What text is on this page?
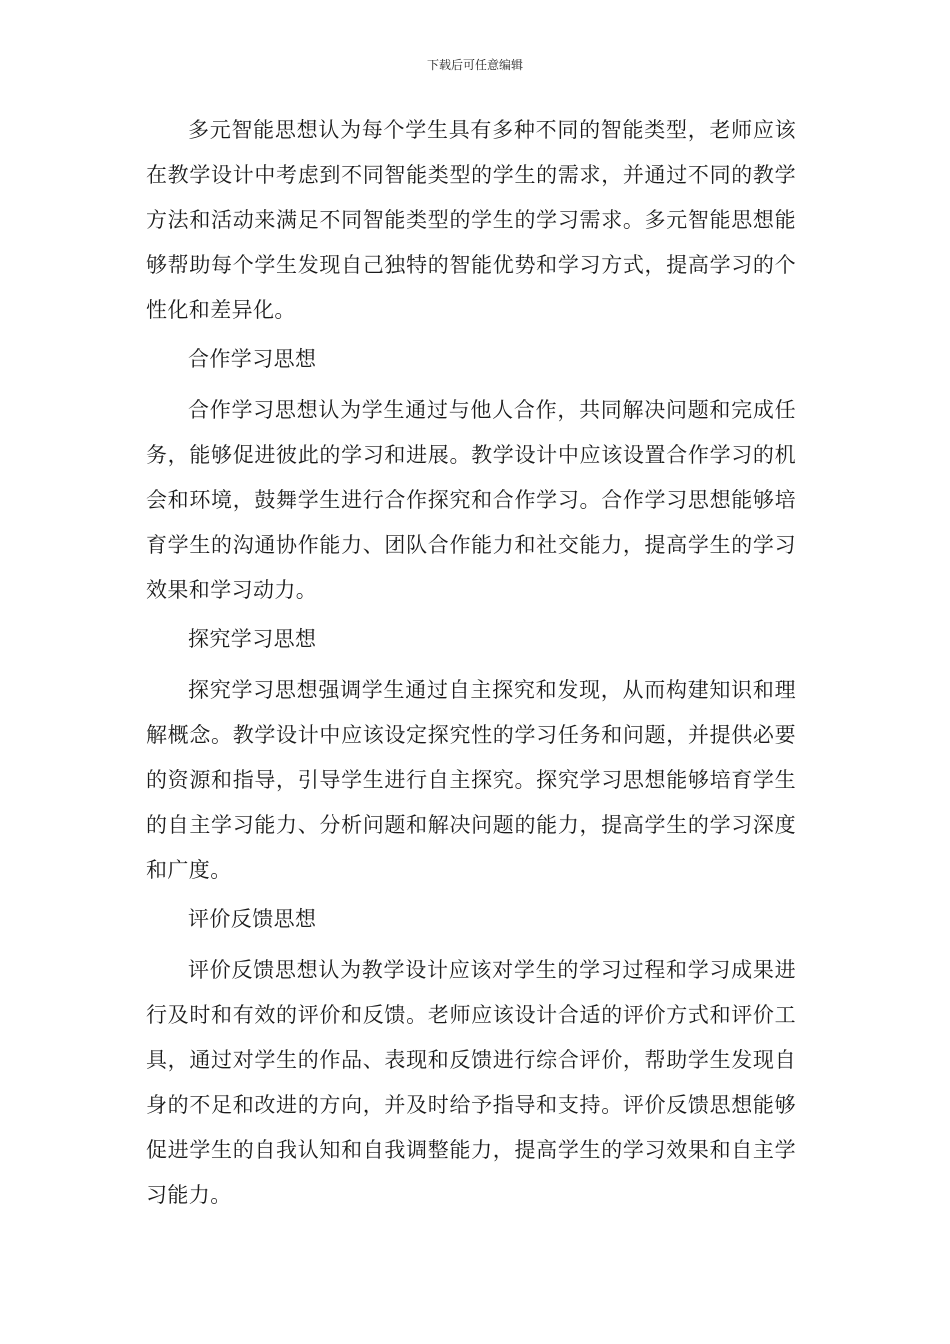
下载后可任意编辑

多元智能思想认为每个学生具有多种不同的智能类型，老师应该在教学设计中考虑到不同智能类型的学生的需求，并通过不同的教学方法和活动来满足不同智能类型的学生的学习需求。多元智能思想能够帮助每个学生发现自己独特的智能优势和学习方式，提高学习的个性化和差异化。

合作学习思想

合作学习思想认为学生通过与他人合作，共同解决问题和完成任务，能够促进彼此的学习和进展。教学设计中应该设置合作学习的机会和环境，鼓舞学生进行合作探究和合作学习。合作学习思想能够培育学生的沟通协作能力、团队合作能力和社交能力，提高学生的学习效果和学习动力。

探究学习思想

探究学习思想强调学生通过自主探究和发现，从而构建知识和理解概念。教学设计中应该设定探究性的学习任务和问题，并提供必要的资源和指导，引导学生进行自主探究。探究学习思想能够培育学生的自主学习能力、分析问题和解决问题的能力，提高学生的学习深度和广度。

评价反馈思想

评价反馈思想认为教学设计应该对学生的学习过程和学习成果进行及时和有效的评价和反馈。老师应该设计合适的评价方式和评价工具，通过对学生的作品、表现和反馈进行综合评价，帮助学生发现自身的不足和改进的方向，并及时给予指导和支持。评价反馈思想能够促进学生的自我认知和自我调整能力，提高学生的学习效果和自主学习能力。
